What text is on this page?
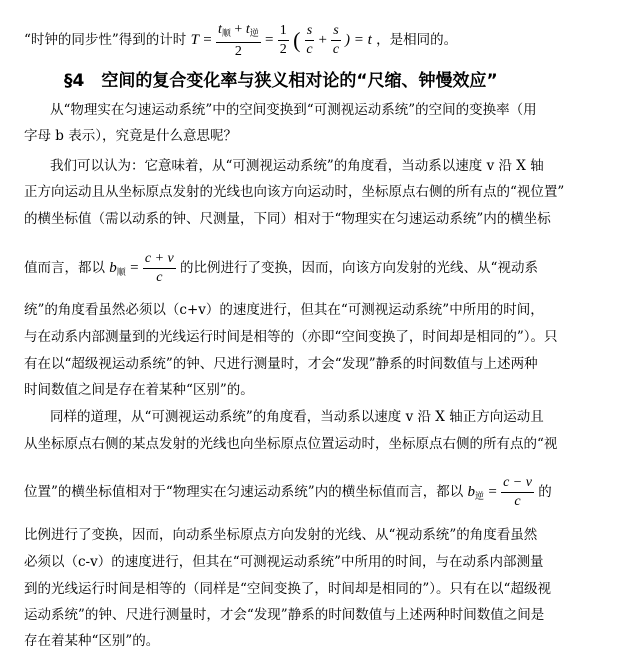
“时钟的同步性”得到的计时 $T = \frac{t_顺 + t_逆}{2} = \frac{1}{2}$ ( $\frac{s}{c} + \frac{s}{c}$ ) = t ，是相同的。
§4　空间的复合变化率与狭义相对论的“尺缩、钟慢效应”
从“物理实在匀速运动系统”中的空间变换到“可测视运动系统”的空间的变换率（用
字母 b 表示），究竟是什么意思呢？
我们可以认为：它意味着，从“可测视运动系统”的角度看，当动系以速度 v 沿 X 轴
正方向运动且从坐标原点发射的光线也向该方向运动时，坐标原点右侧的所有点的“视位置”
的横坐标值（需以动系的钟、尺测量，下同）相对于“物理实在匀速运动系统”内的横坐标
值而言，都以 $b_顺 = \frac{c + v}{c}$ 的比例进行了变换，因而，向该方向发射的光线、从“视动系
统”的角度看虽然必须以（c+v）的速度进行，但其在“可测视运动系统”中所用的时间，
与在动系内部测量到的光线运行时间是相等的（亦即“空间变换了，时间却是相同的”）。只
有在以“超级视运动系统”的钟、尺进行测量时，才会“发现”静系的时间数值与上述两种
时间数值之间是存在着某种“区别”的。
同样的道理，从“可测视运动系统”的角度看，当动系以速度 v 沿 X 轴正方向运动且
从坐标原点右侧的某点发射的光线也向坐标原点位置运动时，坐标原点右侧的所有点的“视
位置”的横坐标值相对于“物理实在匀速运动系统”内的横坐标值而言，都以 $b_逆 = \frac{c - v}{c}$ 的
比例进行了变换，因而，向动系坐标原点方向发射的光线、从“视动系统”的角度看虽然
必须以（c-v）的速度进行，但其在“可测视运动系统”中所用的时间，与在动系内部测量
到的光线运行时间是相等的（同样是“空间变换了，时间却是相同的”）。只有在以“超级视
运动系统”的钟、尺进行测量时，才会“发现”静系的时间数值与上述两种时间数值之间是
存在着某种“区别”的。
